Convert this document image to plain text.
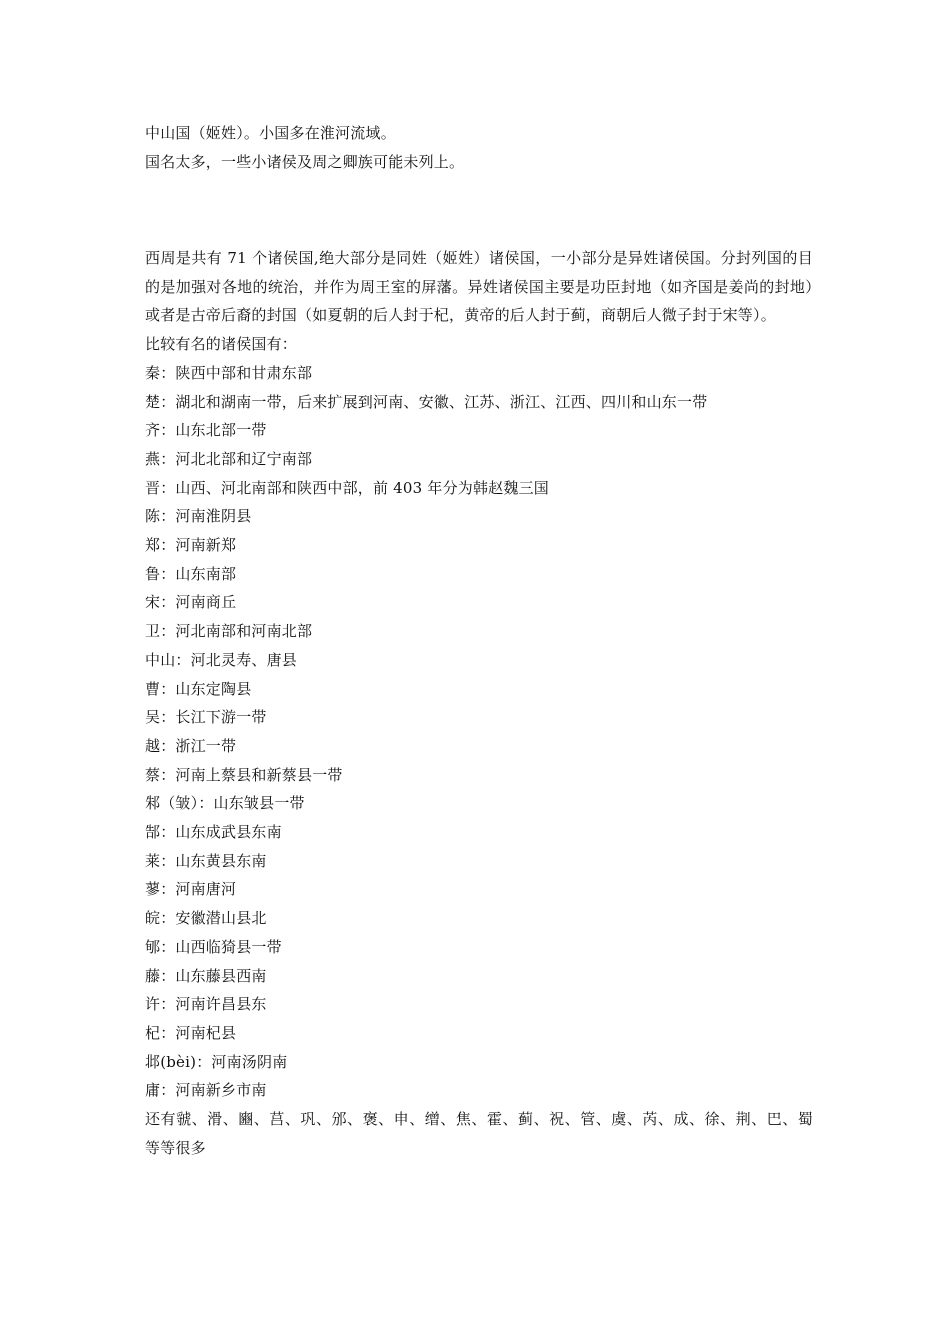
中山国（姬姓）。小国多在淮河流域。
国名太多，一些小诸侯及周之卿族可能未列上。

西周是共有 71 个诸侯国,绝大部分是同姓（姬姓）诸侯国，一小部分是异姓诸侯国。分封列国的目的是加强对各地的统治，并作为周王室的屏藩。异姓诸侯国主要是功臣封地（如齐国是姜尚的封地）或者是古帝后裔的封国（如夏朝的后人封于杞，黄帝的后人封于蓟，商朝后人微子封于宋等）。

比较有名的诸侯国有：
秦：陕西中部和甘肃东部
楚：湖北和湖南一带，后来扩展到河南、安徽、江苏、浙江、江西、四川和山东一带
齐：山东北部一带
燕：河北北部和辽宁南部
晋：山西、河北南部和陕西中部，前 403 年分为韩赵魏三国
陈：河南淮阴县
郑：河南新郑
鲁：山东南部
宋：河南商丘
卫：河北南部和河南北部
中山：河北灵寿、唐县
曹：山东定陶县
吴：长江下游一带
越：浙江一带
蔡：河南上蔡县和新蔡县一带
邾（皱）：山东皱县一带
郜：山东成武县东南
莱：山东黄县东南
蓼：河南唐河
皖：安徽潜山县北
郇：山西临猗县一带
藤：山东藤县西南
许：河南许昌县东
杞：河南杞县
邶(bèi)：河南汤阴南
庸：河南新乡市南

还有虢、滑、豳、莒、巩、邠、褒、申、缯、焦、霍、蓟、祝、管、虞、芮、成、徐、荆、巴、蜀 等等很多
